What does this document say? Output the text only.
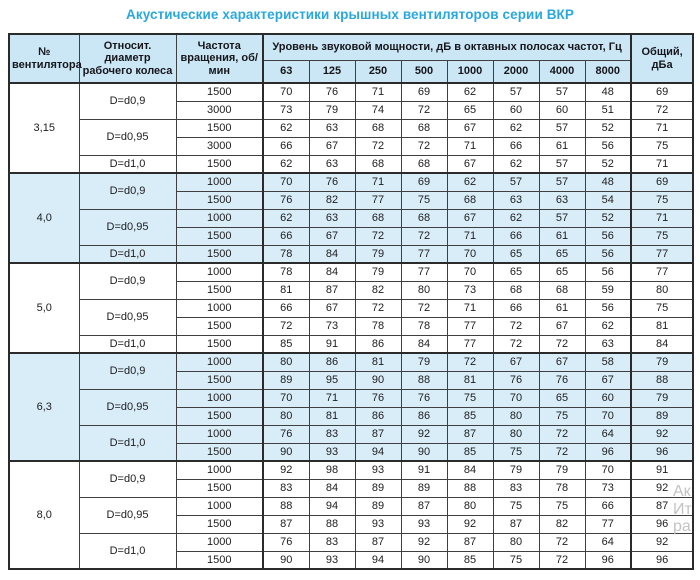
Акустические характеристики крышных вентиляторов серии ВКР
№ вентилятора	Относит. диаметр рабочего колеса	Частота вращения, об/мин	Уровень звуковой мощности, дБ в октавных полосах частот, Гц								Общий, дБа
			63	125	250	500	1000	2000	4000	8000	
3,15	D=d0,9	1500	70	76	71	69	62	57	57	48	69
		3000	73	79	74	72	65	60	60	51	72
	D=d0,95	1500	62	63	68	68	67	62	57	52	71
		3000	66	67	72	72	71	66	61	56	75
	D=d1,0	1500	62	63	68	68	67	62	57	52	71
4,0	D=d0,9	1000	70	76	71	69	62	57	57	48	69
		1500	76	82	77	75	68	63	63	54	75
	D=d0,95	1000	62	63	68	68	67	62	57	52	71
		1500	66	67	72	72	71	66	61	56	75
	D=d1,0	1500	78	84	79	77	70	65	65	56	77
5,0	D=d0,9	1000	78	84	79	77	70	65	65	56	77
		1500	81	87	82	80	73	68	68	59	80
	D=d0,95	1000	66	67	72	72	71	66	61	56	75
		1500	72	73	78	78	77	72	67	62	81
	D=d1,0	1500	85	91	86	84	77	72	72	63	84
6,3	D=d0,9	1000	80	86	81	79	72	67	67	58	79
		1500	89	95	90	88	81	76	76	67	88
	D=d0,95	1000	70	71	76	76	75	70	65	60	79
		1500	80	81	86	86	85	80	75	70	89
	D=d1,0	1000	76	83	87	92	87	80	72	64	92
		1500	90	93	94	90	85	75	72	96	96
8,0	D=d0,9	1000	92	98	93	91	84	79	79	70	91
		1500	83	84	89	89	88	83	78	73	92
	D=d0,95	1000	88	94	89	87	80	75	75	66	87
		1500	87	88	93	93	92	87	82	77	96
	D=d1,0	1000	76	83	87	92	87	80	72	64	92
		1500	90	93	94	90	85	75	72	96	96
Ак
Ит
ра
